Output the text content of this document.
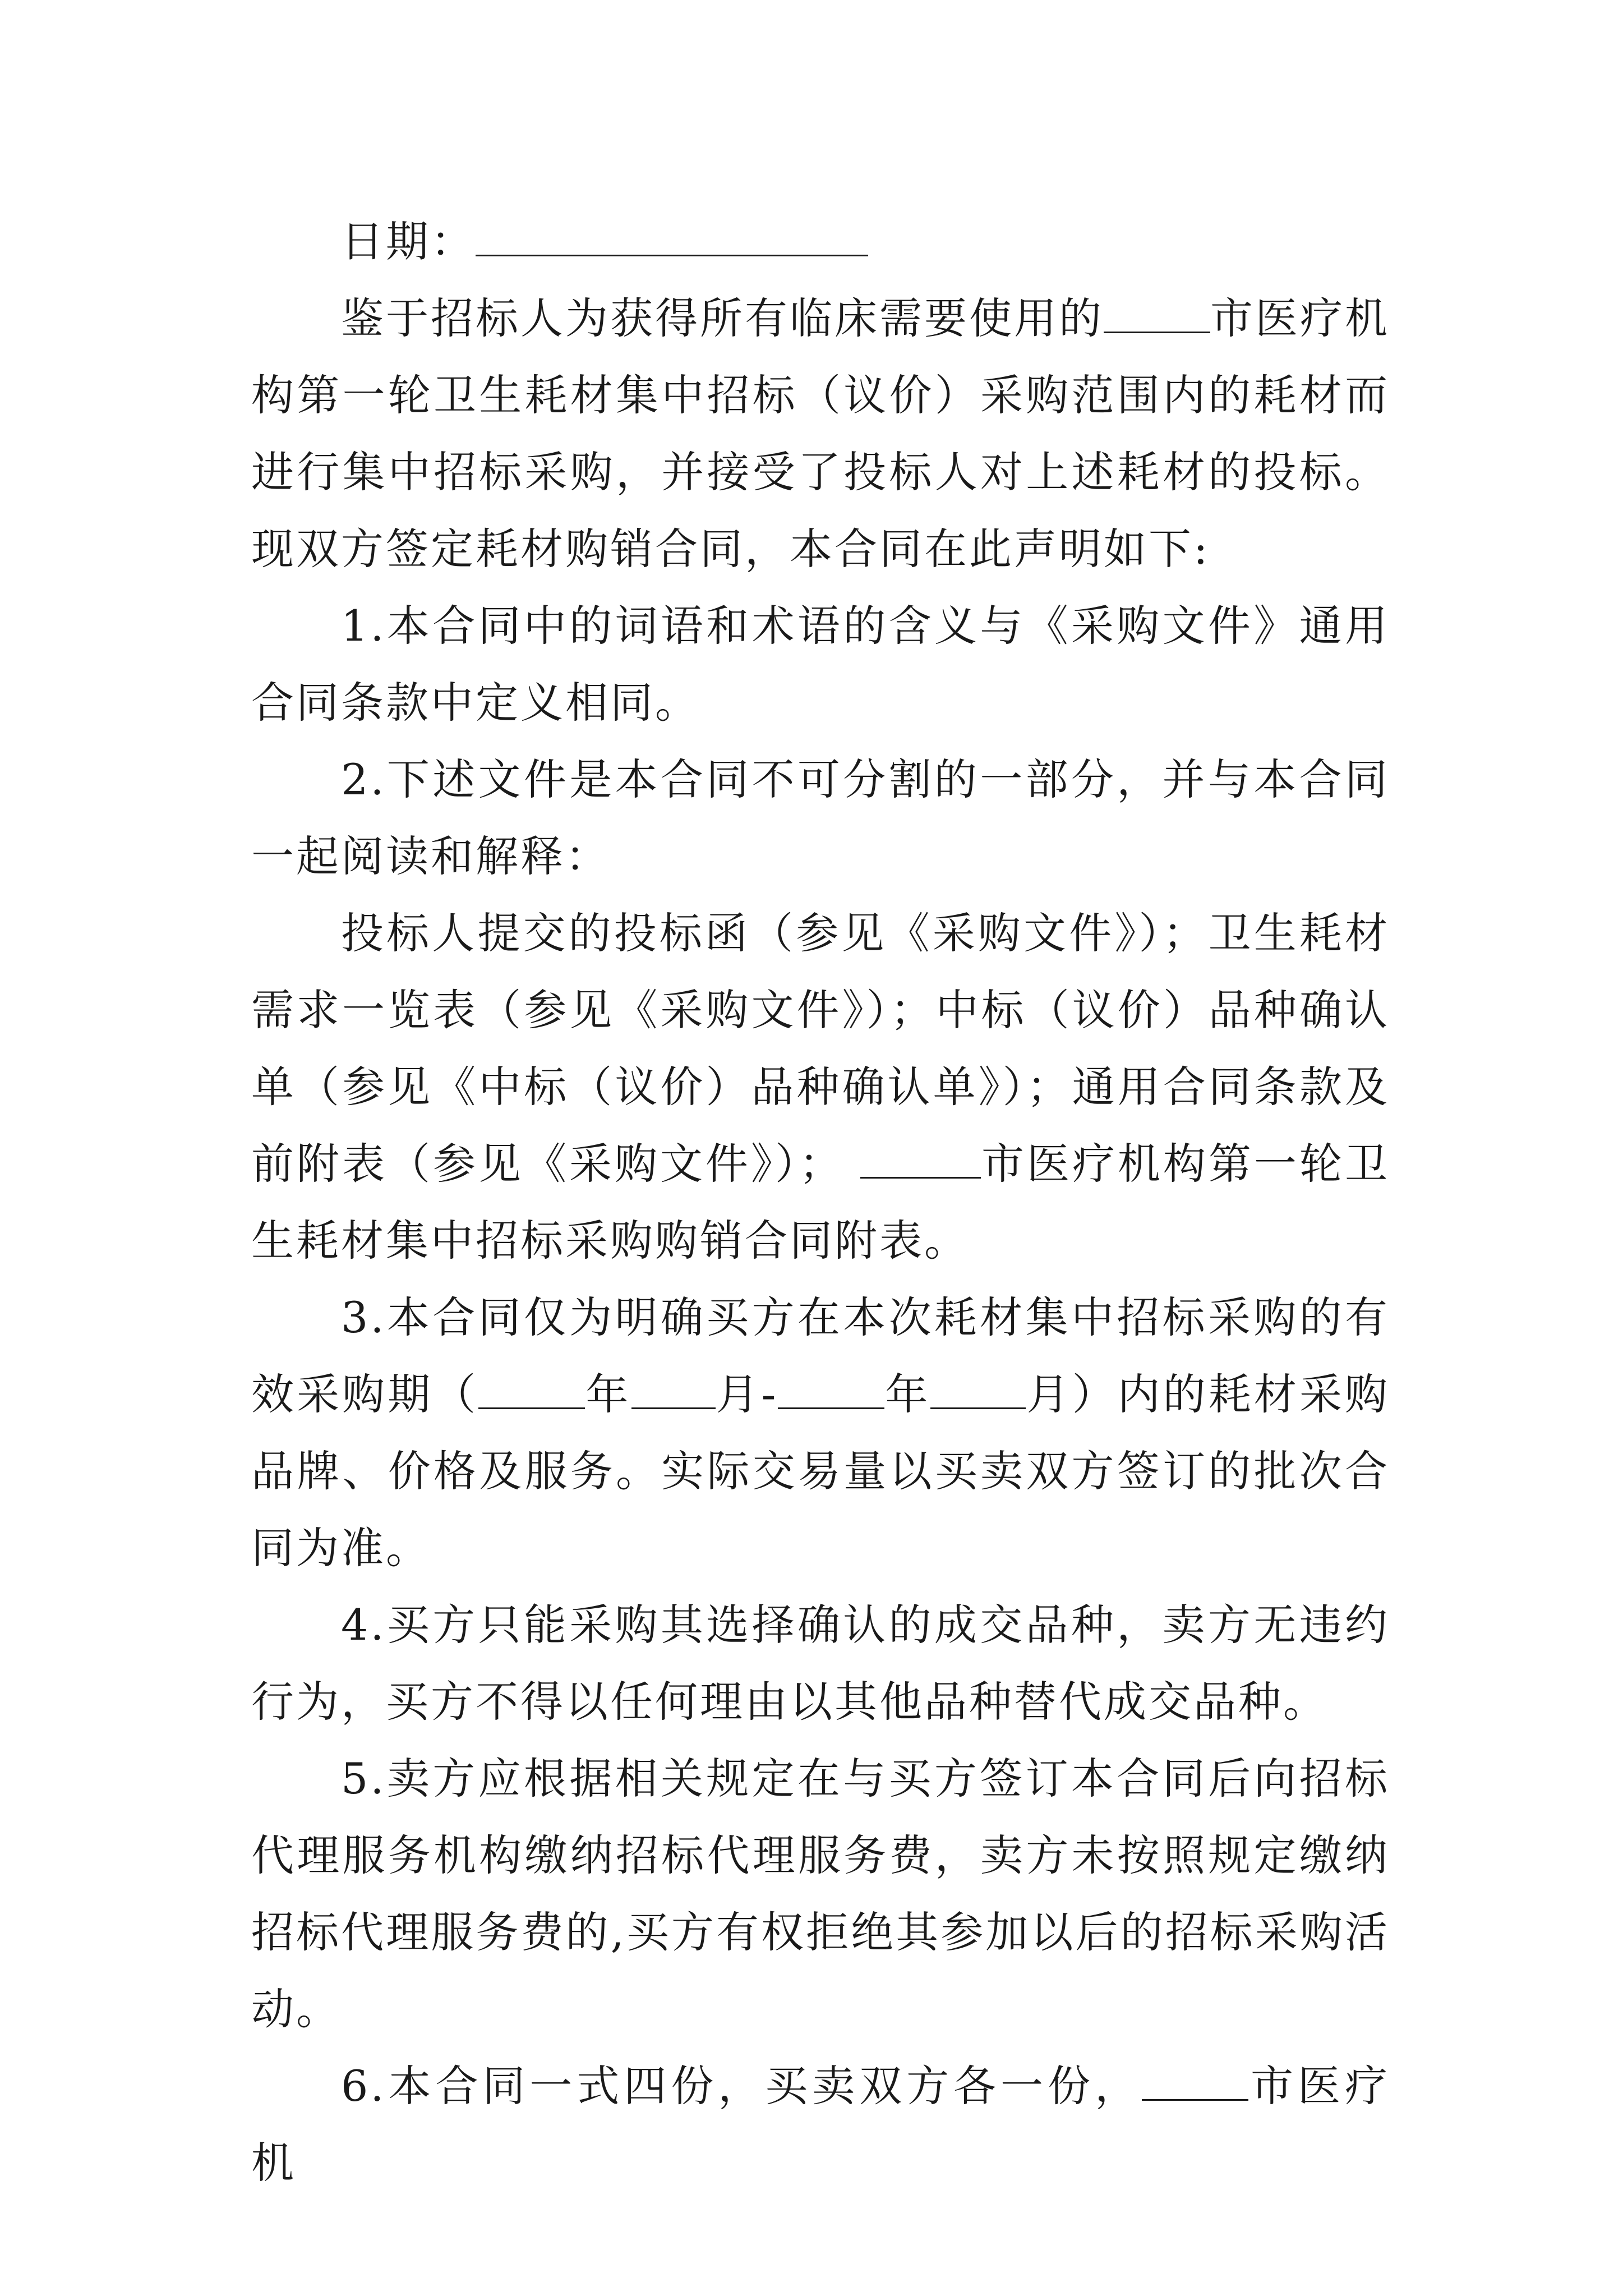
日期：

鉴于招标人为获得所有临床需要使用的	市医疗机构第一轮卫生耗材集中招标（议价）采购范围内的耗材而进行集中招标采购，并接受了投标人对上述耗材的投标。现双方签定耗材购销合同，本合同在此声明如下:

1.本合同中的词语和术语的含义与《采购文件》通用合同条款中定义相同。

2.下述文件是本合同不可分割的一部分，并与本合同一起阅读和解释：

投标人提交的投标函（参见《采购文件》）；卫生耗材需求一览表（参见《采购文件》）；中标（议价）品种确认单（参见《中标（议价）品种确认单》）；通用合同条款及前附表（参见《采购文件》）；	市医疗机构第一轮卫生耗材集中招标采购购销合同附表。

3.本合同仅为明确买方在本次耗材集中招标采购的有效采购期（	年 月-	年 月）内的耗材采购品牌、价格及服务。实际交易量以买卖双方签订的批次合同为准。

4.买方只能采购其选择确认的成交品种，卖方无违约行为，买方不得以任何理由以其他品种替代成交品种。

5.卖方应根据相关规定在与买方签订本合同后向招标代理服务机构缴纳招标代理服务费，卖方未按照规定缴纳招标代理服务费的,买方有权拒绝其参加以后的招标采购活动。

6.本合同一式四份，买卖双方各一份，	市医疗机
